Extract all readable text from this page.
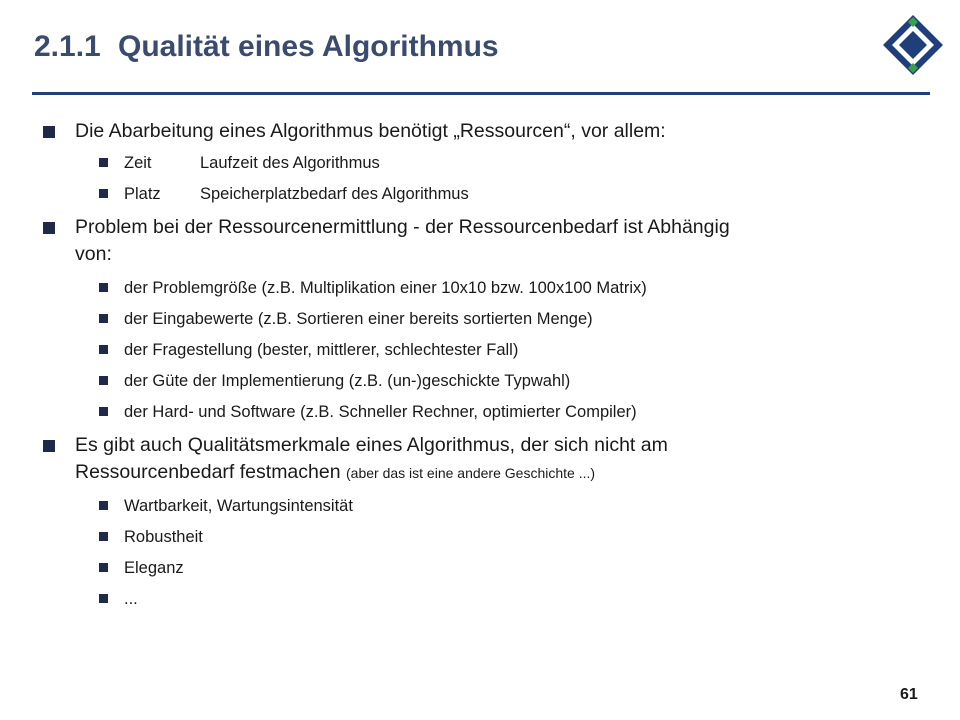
2.1.1 Qualität eines Algorithmus
Die Abarbeitung eines Algorithmus benötigt „Ressourcen“, vor allem:
Zeit	Laufzeit des Algorithmus
Platz Speicherplatzbedarf des Algorithmus
Problem bei der Ressourcenermittlung - der Ressourcenbedarf ist Abhängig
von:
der Problemgröße (z.B. Multiplikation einer 10x10 bzw. 100x100 Matrix)
der Eingabewerte (z.B. Sortieren einer bereits sortierten Menge)
der Fragestellung (bester, mittlerer, schlechtester Fall)
der Güte der Implementierung (z.B. (un-)geschickte Typwahl)
der Hard- und Software (z.B. Schneller Rechner, optimierter Compiler)
Es gibt auch Qualitätsmerkmale eines Algorithmus, der sich nicht am
Ressourcenbedarf festmachen (aber das ist eine andere Geschichte ...)
Wartbarkeit, Wartungsintensität
Robustheit
Eleganz
...
61
